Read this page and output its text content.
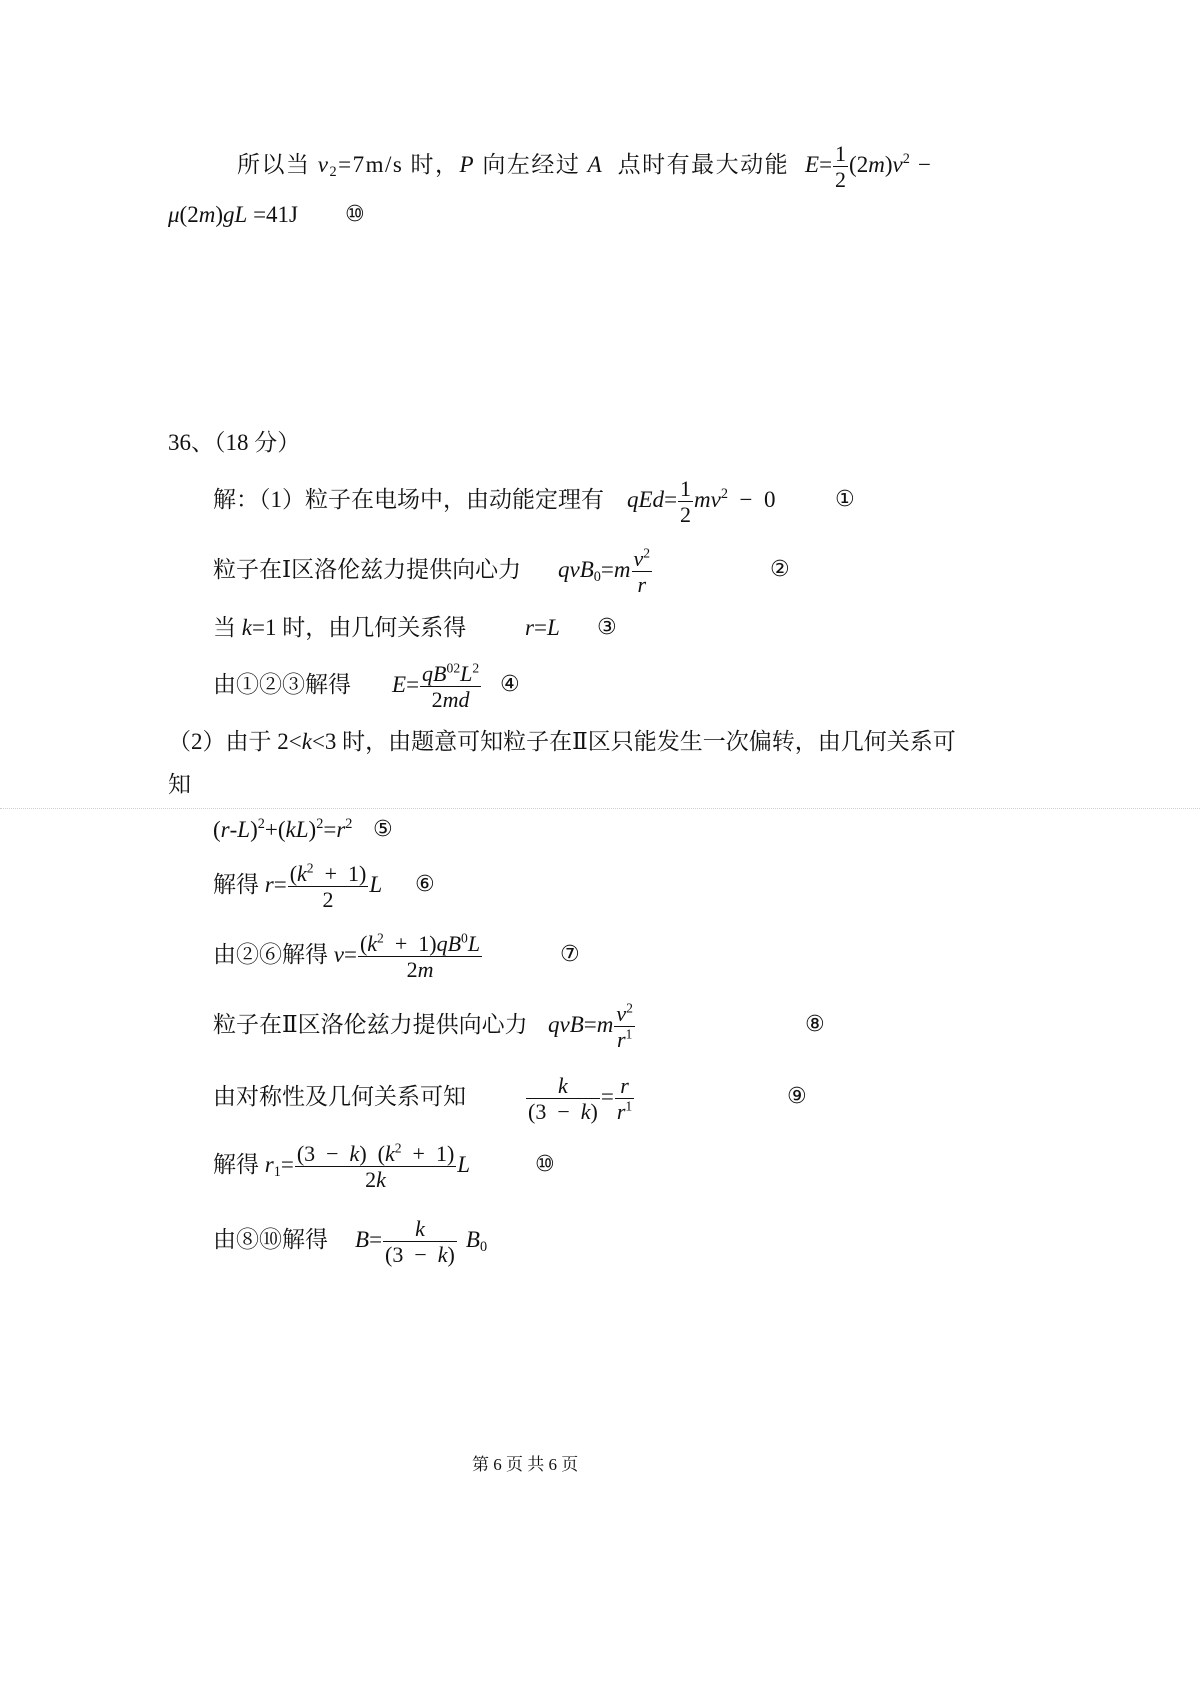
所以当 v2=7m/s 时，P 向左经过 A  点时有最大动能 $E= \frac{1}{2} (2m)v^2$ −
μ(2m)gL =41J ⑩
36、（18 分）
解：（1）粒子在电场中，由动能定理有 $qEd= \frac{1}{2} mv^2 - 0$	①
粒子在Ⅰ区洛伦兹力提供向心力 $qvB0=m \frac{v^2}{r}$	②
当 k=1 时，由几何关系得	r=L ③
由①②③解得 $E= \frac{qB^{02}L^2}{2md}$ ④
（2）由于 2<k<3 时，由题意可知粒子在Ⅱ区只能发生一次偏转，由几何关系可
知
$(r-L)^2+(kL)^2=r^2$ ⑤
解得 $r= \frac{(k^2 + 1)}{2}$ L ⑥
由②⑥解得 $v= \frac{(k^2 + 1)qB^0L}{2m}$	⑦
粒子在Ⅱ区洛伦兹力提供向心力 $qvB=m \frac{v^2}{r^1}$	⑧
由对称性及几何关系可知	$\frac{k}{(3 - k)} = \frac{r}{r^1}$	⑨
解得 $r1= \frac{(3 - k) (k^2 + 1)}{2k}$ L	⑩
由⑧⑩解得 $B= \frac{k}{(3 - k)} B0$
第 6 页 共 6 页
